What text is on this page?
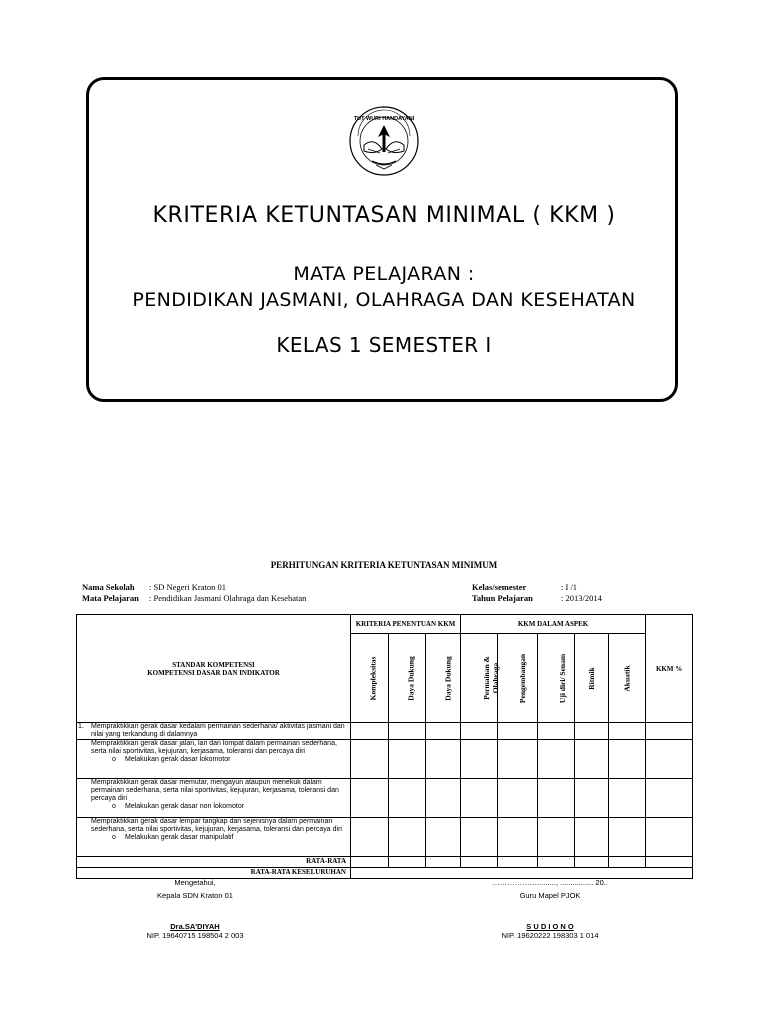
TUT WURI HANDAYANI
KRITERIA KETUNTASAN MINIMAL ( KKM )
MATA PELAJARAN :
PENDIDIKAN JASMANI, OLAHRAGA DAN KESEHATAN
KELAS 1 SEMESTER I
PERHITUNGAN KRITERIA KETUNTASAN MINIMUM
Nama Sekolah : SD Negeri Kraton 01
Mata Pelajaran : Pendidikan Jasmani Olahraga dan Kesehatan
Kelas/semester	: I /1
Tahun Pelajaran	: 2013/2014
STANDAR KOMPETENSI
KOMPETENSI DASAR DAN INDIKATOR	KRITERIA PENENTUAN KKM			KKM DALAM ASPEK					KKM %
	Kompleksitas	Daya Dukung	Daya Dukung	Permainan & Olahraga	Pengembangan	Uji diri/ Senam	Ritmik	Akuatik	

1. Mempraktikkan gerak dasar kedalam permainan sederhana/ aktivitas jasmani dan nilai yang terkandung di dalamnya									
Mempraktikkan gerak dasar jalan, lari dan lompat dalam permainan sederhana, serta nilai sportivitas, kejujuran, kerjasama, toleransi dan percaya diri
o Melakukan gerak dasar lokomotor

Mempraktikkan gerak dasar memutar, mengayun ataupun menekuk dalam permainan sederhana, serta nilai sportivitas, kejujuran, kerjasama, toleransi dan percaya diri
o Melakukan gerak dasar non lokomotor

Mempraktikkan gerak dasar lempar tangkap dan sejenisnya dalam permainan sederhana, serta nilai sportivitas, kejujuran, kerjasama, toleransi dan percaya diri
o Melakukan gerak dasar manipulatif

RATA-RATA									
RATA-RATA KESELURUHAN									
Mengetahui,
Kepala SDN Kraton 01
Dra.SA'DIYAH
NIP. 19640715 198504 2 003
………………........., ................ 20..
Guru Mapel PJOK
S U D I O N O
NIP. 19620222 198303 1 014
